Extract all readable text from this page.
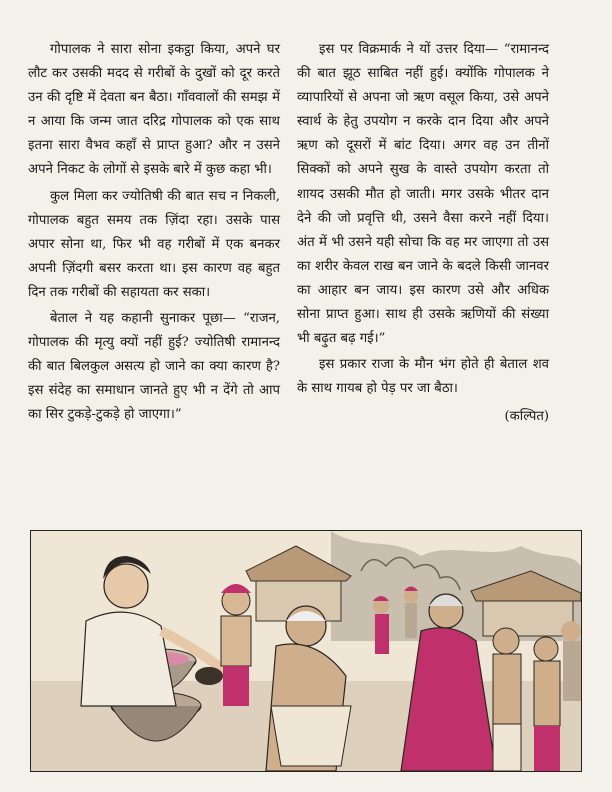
गोपालक ने सारा सोना इकट्ठा किया, अपने घर लौट कर उसकी मदद से गरीबों के दुखों को दूर करते उन की दृष्टि में देवता बन बैठा। गाँववालों की समझ में न आया कि जन्म जात दरिद्र गोपालक को एक साथ इतना सारा वैभव कहाँ से प्राप्त हुआ? और न उसने अपने निकट के लोगों से इसके बारे में कुछ कहा भी।

कुल मिला कर ज्योतिषी की बात सच न निकली, गोपालक बहुत समय तक ज़िंदा रहा। उसके पास अपार सोना था, फिर भी वह गरीबों में एक बनकर अपनी ज़िंदगी बसर करता था। इस कारण वह बहुत दिन तक गरीबों की सहायता कर सका।

बेताल ने यह कहानी सुनाकर पूछा— “राजन, गोपालक की मृत्यु क्यों नहीं हुई? ज्योतिषी रामानन्द की बात बिलकुल असत्य हो जाने का क्या कारण है? इस संदेह का समाधान जानते हुए भी न देंगे तो आप का सिर टुकड़े-टुकड़े हो जाएगा।”

इस पर विक्रमार्क ने यों उत्तर दिया— “रामानन्द की बात झूठ साबित नहीं हुई। क्योंकि गोपालक ने व्यापारियों से अपना जो ऋण वसूल किया, उसे अपने स्वार्थ के हेतु उपयोग न करके दान दिया और अपने ऋण को दूसरों में बांट दिया। अगर वह उन तीनों सिक्कों को अपने सुख के वास्ते उपयोग करता तो शायद उसकी मौत हो जाती। मगर उसके भीतर दान देने की जो प्रवृत्ति थी, उसने वैसा करने नहीं दिया। अंत में भी उसने यही सोचा कि वह मर जाएगा तो उस का शरीर केवल राख बन जाने के बदले किसी जानवर का आहार बन जाय। इस कारण उसे और अधिक सोना प्राप्त हुआ। साथ ही उसके ऋणियों की संख्या भी बढ़ुत बढ़ गई।”

इस प्रकार राजा के मौन भंग होते ही बेताल शव के साथ गायब हो पेड़ पर जा बैठा।

(कल्पित)
